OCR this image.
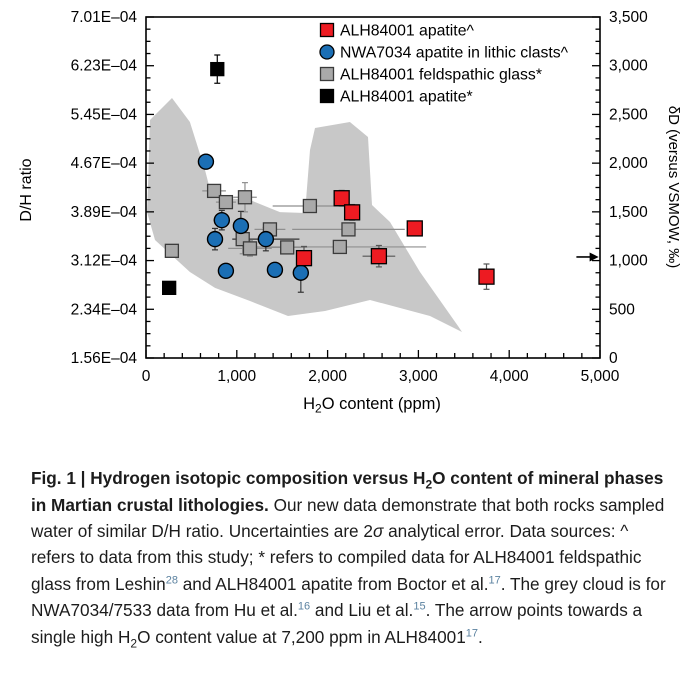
7.01E–04
6.23E–04
5.45E–04
4.67E–04
3.89E–04
3.12E–04
2.34E–04
1.56E–04
3,500
3,000
2,500
2,000
1,500
1,000
500
0
0	1,000	2,000	3,000	4,000	5,000
D/H ratio	δD (versus VSMOW, ‰)
$H_2O$ content (ppm)
ALH84001 apatite^
NWA7034 apatite in lithic clasts^
ALH84001 feldspathic glass*
ALH84001 apatite*

Fig. 1 | Hydrogen isotopic composition versus $H_2O$ content of mineral phases in Martian crustal lithologies. Our new data demonstrate that both rocks sampled water of similar D/H ratio. Uncertainties are 2σ analytical error. Data sources: ^ refers to data from this study; * refers to compiled data for ALH84001 feldspathic glass from Leshin$^{28}$ and ALH84001 apatite from Boctor et al.$^{17}$. The grey cloud is for NWA7034/7533 data from Hu et al.$^{16}$ and Liu et al.$^{15}$. The arrow points towards a single high $H_2O$ content value at 7,200 ppm in ALH84001$^{17}$.
